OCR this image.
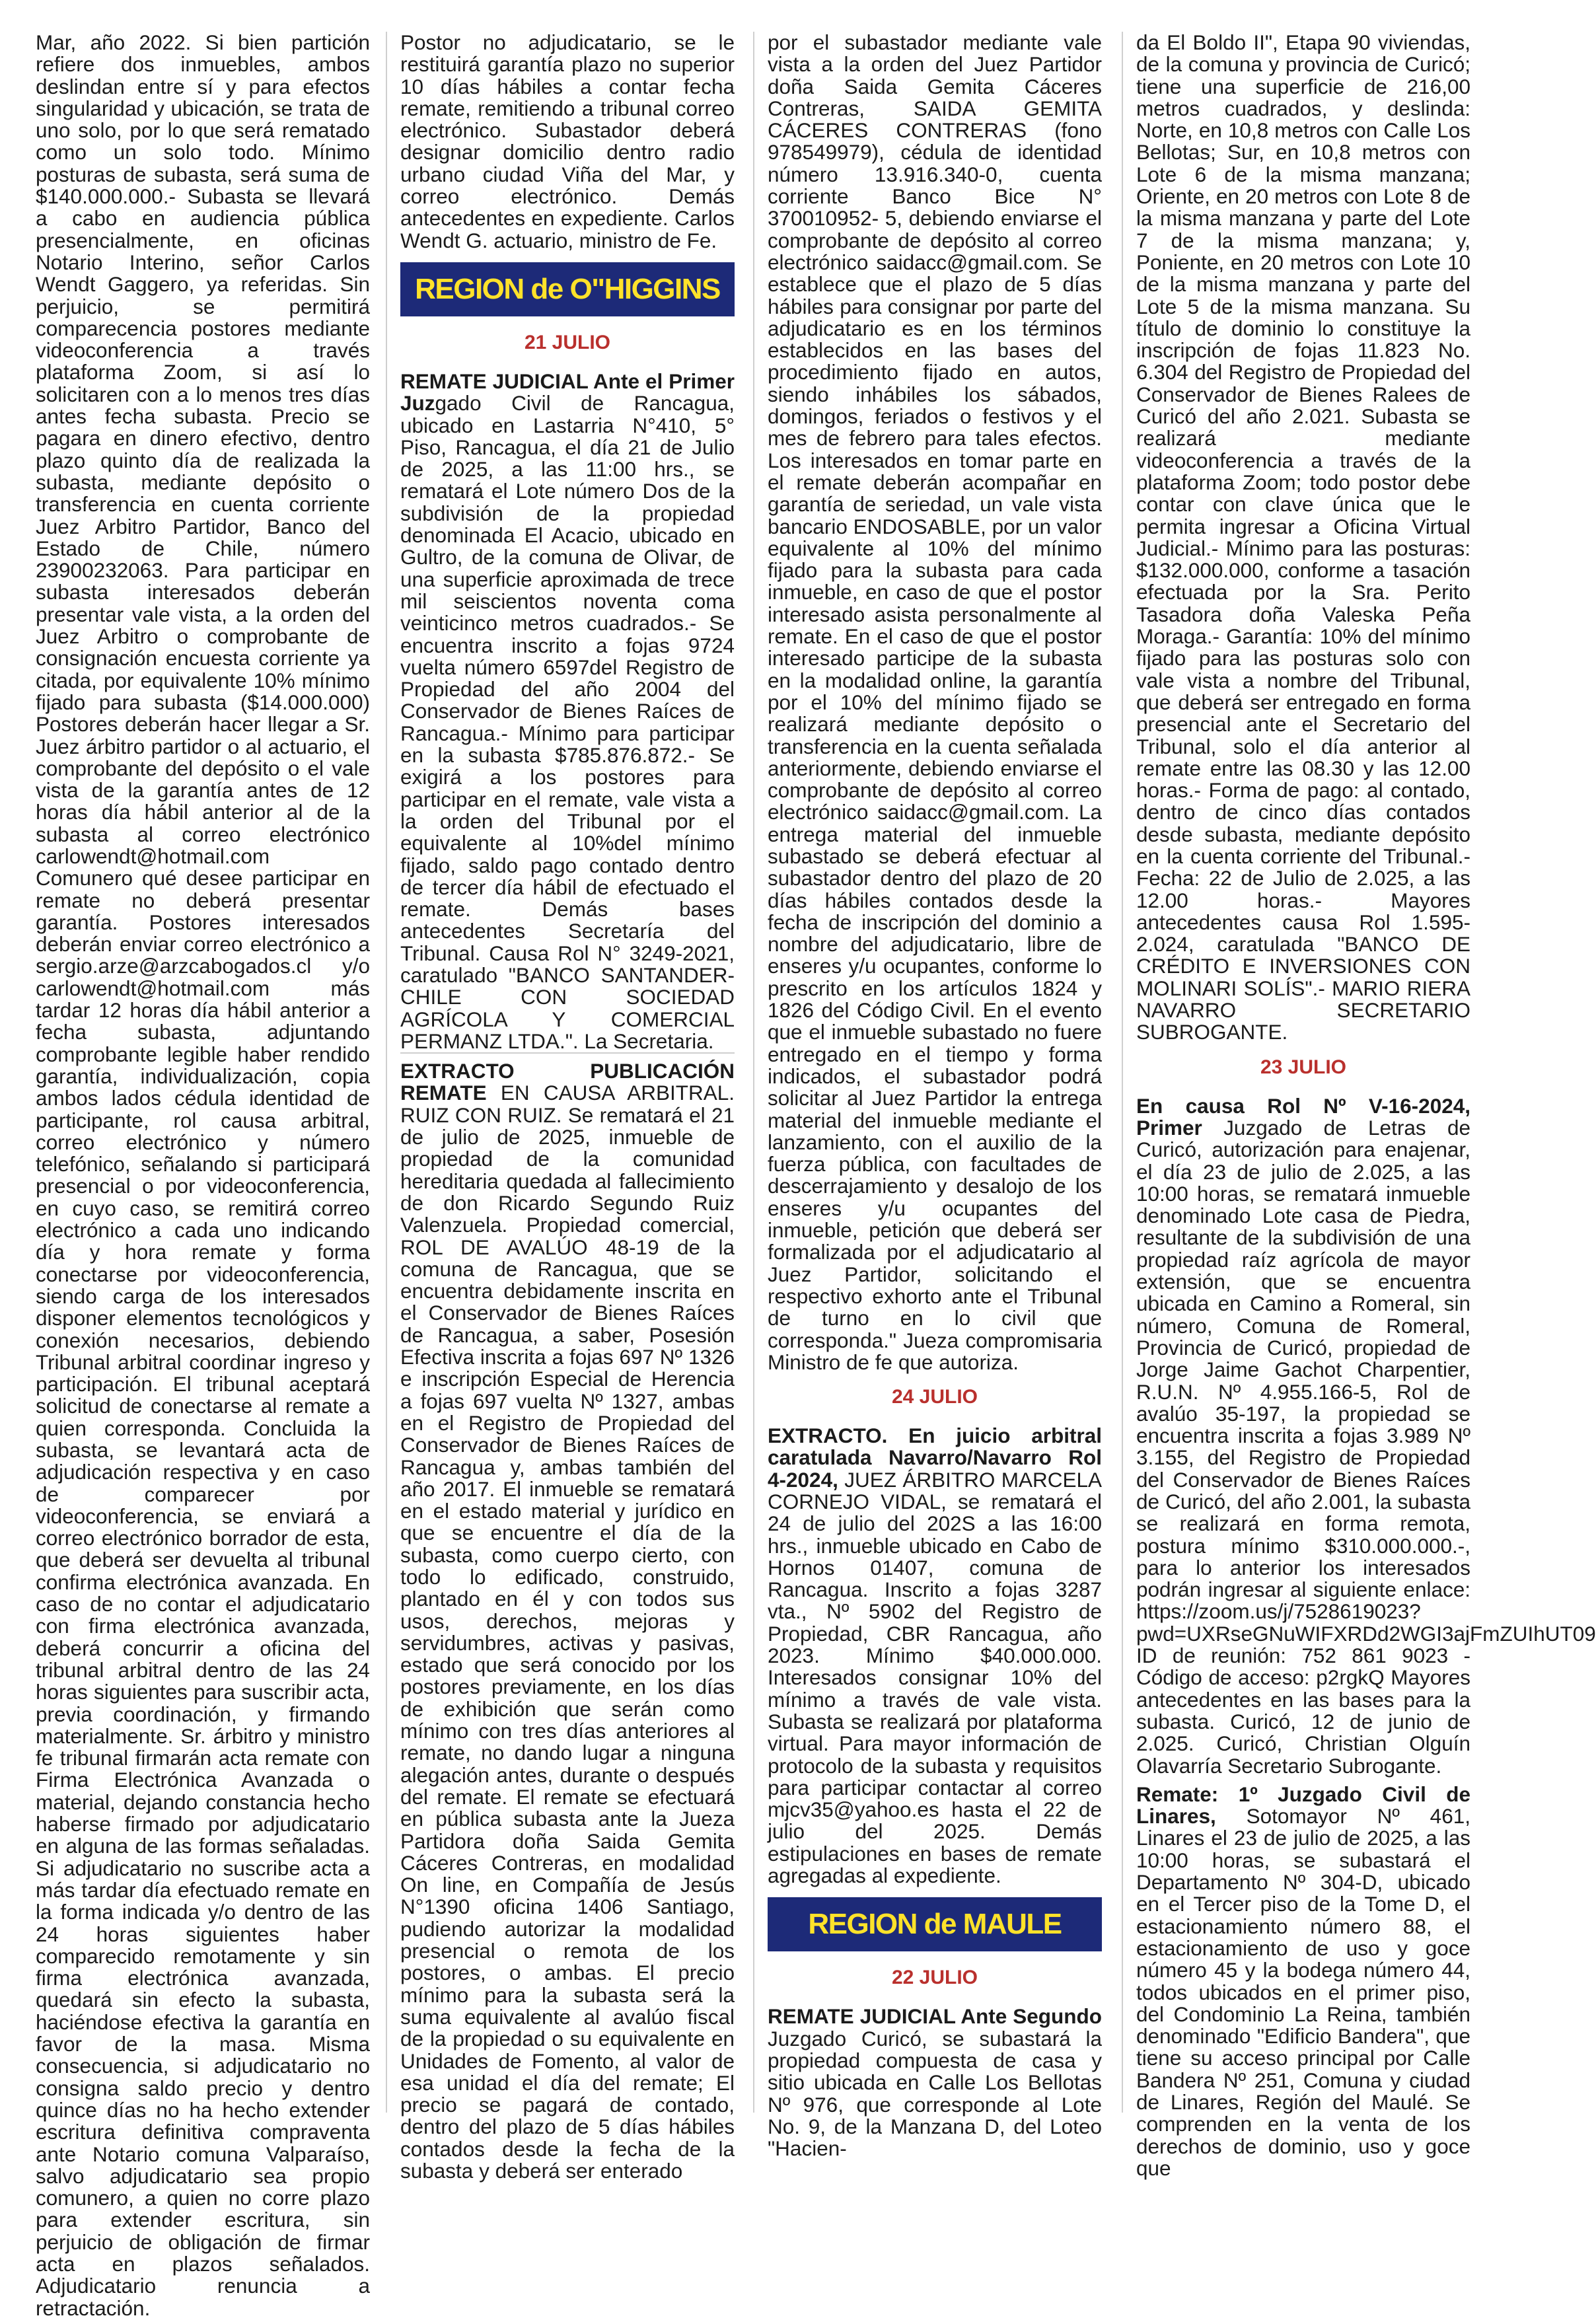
Mar, año 2022. Si bien partición refiere dos inmuebles, ambos deslindan entre sí y para efectos singularidad y ubicación, se trata de uno solo, por lo que será rematado como un solo todo. Mínimo posturas de subasta, será suma de $140.000.000.- Subasta se llevará a cabo en audiencia pública presencialmente, en oficinas Notario Interino, señor Carlos Wendt Gaggero, ya referidas. Sin perjuicio, se permitirá comparecencia postores mediante videoconferencia a través plataforma Zoom, si así lo solicitaren con a lo menos tres días antes fecha subasta. Precio se pagara en dinero efectivo, dentro plazo quinto día de realizada la subasta, mediante depósito o transferencia en cuenta corriente Juez Arbitro Partidor, Banco del Estado de Chile, número 23900232063. Para participar en subasta interesados deberán presentar vale vista, a la orden del Juez Arbitro o comprobante de consignación encuesta corriente ya citada, por equivalente 10% mínimo fijado para subasta ($14.000.000) Postores deberán hacer llegar a Sr. Juez árbitro partidor o al actuario, el comprobante del depósito o el vale vista de la garantía antes de 12 horas día hábil anterior al de la subasta al correo electrónico carlowendt@hotmail.com Comunero qué desee participar en remate no deberá presentar garantía. Postores interesados deberán enviar correo electrónico a sergio.arze@arzcabogados.cl y/o carlowendt@hotmail.com más tardar 12 horas día hábil anterior a fecha subasta, adjuntando comprobante legible haber rendido garantía, individualización, copia ambos lados cédula identidad de participante, rol causa arbitral, correo electrónico y número telefónico, señalando si participará presencial o por videoconferencia, en cuyo caso, se remitirá correo electrónico a cada uno indicando día y hora remate y forma conectarse por videoconferencia, siendo carga de los interesados disponer elementos tecnológicos y conexión necesarios, debiendo Tribunal arbitral coordinar ingreso y participación. El tribunal aceptará solicitud de conectarse al remate a quien corresponda. Concluida la subasta, se levantará acta de adjudicación respectiva y en caso de comparecer por videoconferencia, se enviará a correo electrónico borrador de esta, que deberá ser devuelta al tribunal confirma electrónica avanzada. En caso de no contar el adjudicatario con firma electrónica avanzada, deberá concurrir a oficina del tribunal arbitral dentro de las 24 horas siguientes para suscribir acta, previa coordinación, y firmando materialmente. Sr. árbitro y ministro fe tribunal firmarán acta remate con Firma Electrónica Avanzada o material, dejando constancia hecho haberse firmado por adjudicatario en alguna de las formas señaladas. Si adjudicatario no suscribe acta a más tardar día efectuado remate en la forma indicada y/o dentro de las 24 horas siguientes haber comparecido remotamente y sin firma electrónica avanzada, quedará sin efecto la subasta, haciéndose efectiva la garantía en favor de la masa. Misma consecuencia, si adjudicatario no consigna saldo precio y dentro quince días no ha hecho extender escritura definitiva compraventa ante Notario comuna Valparaíso, salvo adjudicatario sea propio comunero, a quien no corre plazo para extender escritura, sin perjuicio de obligación de firmar acta en plazos señalados. Adjudicatario renuncia a retractación.

Postor no adjudicatario, se le restituirá garantía plazo no superior 10 días hábiles a contar fecha remate, remitiendo a tribunal correo electrónico. Subastador deberá designar domicilio dentro radio urbano ciudad Viña del Mar, y correo electrónico. Demás antecedentes en expediente. Carlos Wendt G. actuario, ministro de Fe.

REGION de O"HIGGINS
21 JULIO

REMATE JUDICIAL Ante el Primer Juzgado Civil de Rancagua, ubicado en Lastarria N°410, 5° Piso, Rancagua, el día 21 de Julio de 2025, a las 11:00 hrs., se rematará el Lote número Dos de la subdivisión de la propiedad denominada El Acacio, ubicado en Gultro, de la comuna de Olivar, de una superficie aproximada de trece mil seiscientos noventa coma veinticinco metros cuadrados.- Se encuentra inscrito a fojas 9724 vuelta número 6597del Registro de Propiedad del año 2004 del Conservador de Bienes Raíces de Rancagua.- Mínimo para participar en la subasta $785.876.872.- Se exigirá a los postores para participar en el remate, vale vista a la orden del Tribunal por el equivalente al 10%del mínimo fijado, saldo pago contado dentro de tercer día hábil de efectuado el remate. Demás bases antecedentes Secretaría del Tribunal. Causa Rol N° 3249-2021, caratulado "BANCO SANTANDER-CHILE CON SOCIEDAD AGRÍCOLA Y COMERCIAL PERMANZ LTDA.". La Secretaria.

EXTRACTO PUBLICACIÓN REMATE EN CAUSA ARBITRAL. RUIZ CON RUIZ. Se rematará el 21 de julio de 2025, inmueble de propiedad de la comunidad hereditaria quedada al fallecimiento de don Ricardo Segundo Ruiz Valenzuela. Propiedad comercial, ROL DE AVALÚO 48-19 de la comuna de Rancagua, que se encuentra debidamente inscrita en el Conservador de Bienes Raíces de Rancagua, a saber, Posesión Efectiva inscrita a fojas 697 Nº 1326 e inscripción Especial de Herencia a fojas 697 vuelta Nº 1327, ambas en el Registro de Propiedad del Conservador de Bienes Raíces de Rancagua y, ambas también del año 2017. El inmueble se rematará en el estado material y jurídico en que se encuentre el día de la subasta, como cuerpo cierto, con todo lo edificado, construido, plantado en él y con todos sus usos, derechos, mejoras y servidumbres, activas y pasivas, estado que será conocido por los postores previamente, en los días de exhibición que serán como mínimo con tres días anteriores al remate, no dando lugar a ninguna alegación antes, durante o después del remate. El remate se efectuará en pública subasta ante la Jueza Partidora doña Saida Gemita Cáceres Contreras, en modalidad On line, en Compañía de Jesús N°1390 oficina 1406 Santiago, pudiendo autorizar la modalidad presencial o remota de los postores, o ambas. El precio mínimo para la subasta será la suma equivalente al avalúo fiscal de la propiedad o su equivalente en Unidades de Fomento, al valor de esa unidad el día del remate; El precio se pagará de contado, dentro del plazo de 5 días hábiles contados desde la fecha de la subasta y deberá ser enterado

por el subastador mediante vale vista a la orden del Juez Partidor doña Saida Gemita Cáceres Contreras, SAIDA GEMITA CÁCERES CONTRERAS (fono 978549979), cédula de identidad número 13.916.340-0, cuenta corriente Banco Bice N° 370010952- 5, debiendo enviarse el comprobante de depósito al correo electrónico saidacc@gmail.com. Se establece que el plazo de 5 días hábiles para consignar por parte del adjudicatario es en los términos establecidos en las bases del procedimiento fijado en autos, siendo inhábiles los sábados, domingos, feriados o festivos y el mes de febrero para tales efectos. Los interesados en tomar parte en el remate deberán acompañar en garantía de seriedad, un vale vista bancario ENDOSABLE, por un valor equivalente al 10% del mínimo fijado para la subasta para cada inmueble, en caso de que el postor interesado asista personalmente al remate. En el caso de que el postor interesado participe de la subasta en la modalidad online, la garantía por el 10% del mínimo fijado se realizará mediante depósito o transferencia en la cuenta señalada anteriormente, debiendo enviarse el comprobante de depósito al correo electrónico saidacc@gmail.com. La entrega material del inmueble subastado se deberá efectuar al subastador dentro del plazo de 20 días hábiles contados desde la fecha de inscripción del dominio a nombre del adjudicatario, libre de enseres y/u ocupantes, conforme lo prescrito en los artículos 1824 y 1826 del Código Civil. En el evento que el inmueble subastado no fuere entregado en el tiempo y forma indicados, el subastador podrá solicitar al Juez Partidor la entrega material del inmueble mediante el lanzamiento, con el auxilio de la fuerza pública, con facultades de descerrajamiento y desalojo de los enseres y/u ocupantes del inmueble, petición que deberá ser formalizada por el adjudicatario al Juez Partidor, solicitando el respectivo exhorto ante el Tribunal de turno en lo civil que corresponda." Jueza compromisaria Ministro de fe que autoriza.

24 JULIO

EXTRACTO. En juicio arbitral caratulada Navarro/Navarro Rol 4-2024, JUEZ ÁRBITRO MARCELA CORNEJO VIDAL, se rematará el 24 de julio del 202S a las 16:00 hrs., inmueble ubicado en Cabo de Hornos 01407, comuna de Rancagua. Inscrito a fojas 3287 vta., Nº 5902 del Registro de Propiedad, CBR Rancagua, año 2023. Mínimo $40.000.000. Interesados consignar 10% del mínimo a través de vale vista. Subasta se realizará por plataforma virtual. Para mayor información de protocolo de la subasta y requisitos para participar contactar al correo mjcv35@yahoo.es hasta el 22 de julio del 2025. Demás estipulaciones en bases de remate agregadas al expediente.

REGION de MAULE
22 JULIO

REMATE JUDICIAL Ante Segundo Juzgado Curicó, se subastará la propiedad compuesta de casa y sitio ubicada en Calle Los Bellotas Nº 976, que corresponde al Lote No. 9, de la Manzana D, del Loteo "Hacien-

da El Boldo II", Etapa 90 viviendas, de la comuna y provincia de Curicó; tiene una superficie de 216,00 metros cuadrados, y deslinda: Norte, en 10,8 metros con Calle Los Bellotas; Sur, en 10,8 metros con Lote 6 de la misma manzana; Oriente, en 20 metros con Lote 8 de la misma manzana y parte del Lote 7 de la misma manzana; y, Poniente, en 20 metros con Lote 10 de la misma manzana y parte del Lote 5 de la misma manzana. Su título de dominio lo constituye la inscripción de fojas 11.823 No. 6.304 del Registro de Propiedad del Conservador de Bienes Ralees de Curicó del año 2.021. Subasta se realizará mediante videoconferencia a través de la plataforma Zoom; todo postor debe contar con clave única que le permita ingresar a Oficina Virtual Judicial.- Mínimo para las posturas: $132.000.000, conforme a tasación efectuada por la Sra. Perito Tasadora doña Valeska Peña Moraga.- Garantía: 10% del mínimo fijado para las posturas solo con vale vista a nombre del Tribunal, que deberá ser entregado en forma presencial ante el Secretario del Tribunal, solo el día anterior al remate entre las 08.30 y las 12.00 horas.- Forma de pago: al contado, dentro de cinco días contados desde subasta, mediante depósito en la cuenta corriente del Tribunal.- Fecha: 22 de Julio de 2.025, a las 12.00 horas.- Mayores antecedentes causa Rol 1.595-2.024, caratulada "BANCO DE CRÉDITO E INVERSIONES CON MOLINARI SOLÍS".- MARIO RIERA NAVARRO SECRETARIO SUBROGANTE.

23 JULIO

En causa Rol Nº V-16-2024, Primer Juzgado de Letras de Curicó, autorización para enajenar, el día 23 de julio de 2.025, a las 10:00 horas, se rematará inmueble denominado Lote casa de Piedra, resultante de la subdivisión de una propiedad raíz agrícola de mayor extensión, que se encuentra ubicada en Camino a Romeral, sin número, Comuna de Romeral, Provincia de Curicó, propiedad de Jorge Jaime Gachot Charpentier, R.U.N. Nº 4.955.166-5, Rol de avalúo 35-197, la propiedad se encuentra inscrita a fojas 3.989 Nº 3.155, del Registro de Propiedad del Conservador de Bienes Raíces de Curicó, del año 2.001, la subasta se realizará en forma remota, postura mínimo $310.000.000.-, para lo anterior los interesados podrán ingresar al siguiente enlace: https://zoom.us/j/7528619023?pwd=UXRseGNuWIFXRDd2WGI3ajFmZUIhUT09 ID de reunión: 752 861 9023 - Código de acceso: p2rgkQ Mayores antecedentes en las bases para la subasta. Curicó, 12 de junio de 2.025. Curicó, Christian Olguín Olavarría Secretario Subrogante.

Remate: 1º Juzgado Civil de Linares, Sotomayor Nº 461, Linares el 23 de julio de 2025, a las 10:00 horas, se subastará el Departamento Nº 304-D, ubicado en el Tercer piso de la Tome D, el estacionamiento número 88, el estacionamiento de uso y goce número 45 y la bodega número 44, todos ubicados en el primer piso, del Condominio La Reina, también denominado "Edificio Bandera", que tiene su acceso principal por Calle Bandera Nº 251, Comuna y ciudad de Linares, Región del Maulé. Se comprenden en la venta de los derechos de dominio, uso y goce que
